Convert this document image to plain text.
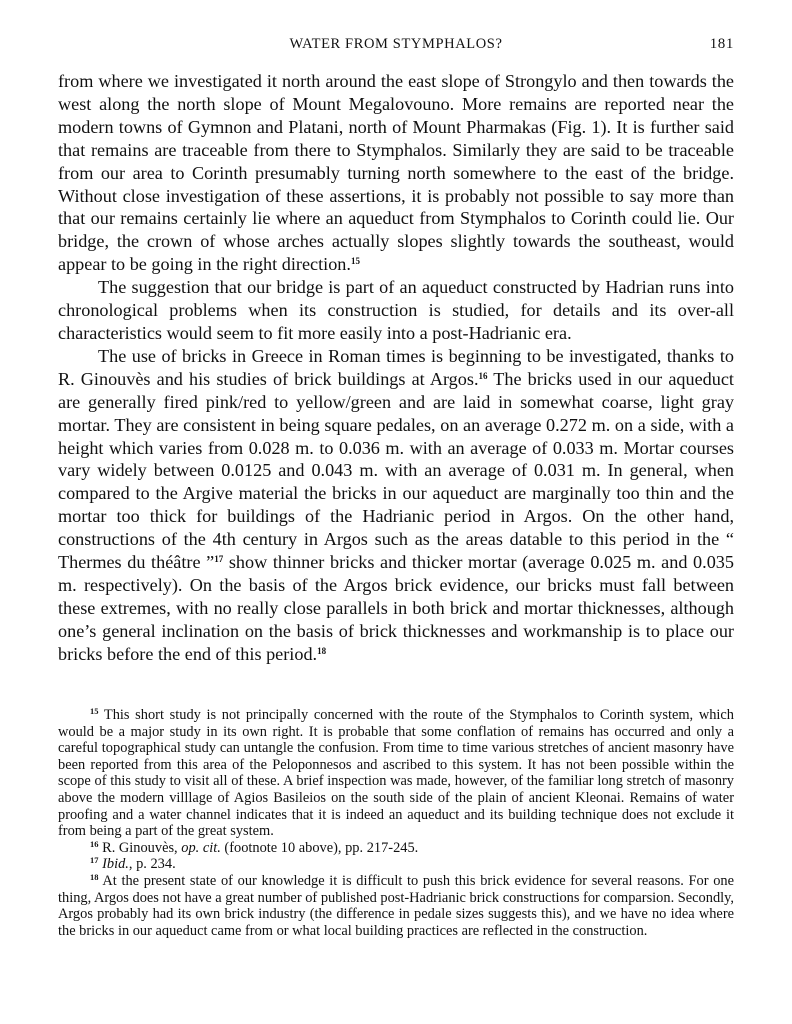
WATER FROM STYMPHALOS?	181

from where we investigated it north around the east slope of Strongylo and then towards the west along the north slope of Mount Megalovouno. More remains are reported near the modern towns of Gymnon and Platani, north of Mount Pharmakas (Fig. 1). It is further said that remains are traceable from there to Stymphalos. Similarly they are said to be traceable from our area to Corinth presumably turning north somewhere to the east of the bridge. Without close investigation of these assertions, it is probably not possible to say more than that our remains certainly lie where an aqueduct from Stymphalos to Corinth could lie. Our bridge, the crown of whose arches actually slopes slightly towards the southeast, would appear to be going in the right direction.$^{15}$

The suggestion that our bridge is part of an aqueduct constructed by Hadrian runs into chronological problems when its construction is studied, for details and its over-all characteristics would seem to fit more easily into a post-Hadrianic era.

The use of bricks in Greece in Roman times is beginning to be investigated, thanks to R. Ginouvès and his studies of brick buildings at Argos.$^{16}$ The bricks used in our aqueduct are generally fired pink/red to yellow/green and are laid in somewhat coarse, light gray mortar. They are consistent in being square pedales, on an average 0.272 m. on a side, with a height which varies from 0.028 m. to 0.036 m. with an average of 0.033 m. Mortar courses vary widely between 0.0125 and 0.043 m. with an average of 0.031 m. In general, when compared to the Argive material the bricks in our aqueduct are marginally too thin and the mortar too thick for buildings of the Hadrianic period in Argos. On the other hand, constructions of the 4th century in Argos such as the areas datable to this period in the “ Thermes du théâtre ”$^{17}$ show thinner bricks and thicker mortar (average 0.025 m. and 0.035 m. respectively). On the basis of the Argos brick evidence, our bricks must fall between these extremes, with no really close parallels in both brick and mortar thicknesses, although one’s general inclination on the basis of brick thicknesses and workmanship is to place our bricks before the end of this period.$^{18}$

$^{15}$ This short study is not principally concerned with the route of the Stymphalos to Corinth system, which would be a major study in its own right. It is probable that some conflation of remains has occurred and only a careful topographical study can untangle the confusion. From time to time various stretches of ancient masonry have been reported from this area of the Peloponnesos and ascribed to this system. It has not been possible within the scope of this study to visit all of these. A brief inspection was made, however, of the familiar long stretch of masonry above the modern villlage of Agios Basileios on the south side of the plain of ancient Kleonai. Remains of water proofing and a water channel indicates that it is indeed an aqueduct and its building technique does not exclude it from being a part of the great system.

$^{16}$ R. Ginouvès, op. cit. (footnote 10 above), pp. 217-245.

$^{17}$ Ibid., p. 234.

$^{18}$ At the present state of our knowledge it is difficult to push this brick evidence for several reasons. For one thing, Argos does not have a great number of published post-Hadrianic brick constructions for comparsion. Secondly, Argos probably had its own brick industry (the difference in pedale sizes suggests this), and we have no idea where the bricks in our aqueduct came from or what local building practices are reflected in the construction.
